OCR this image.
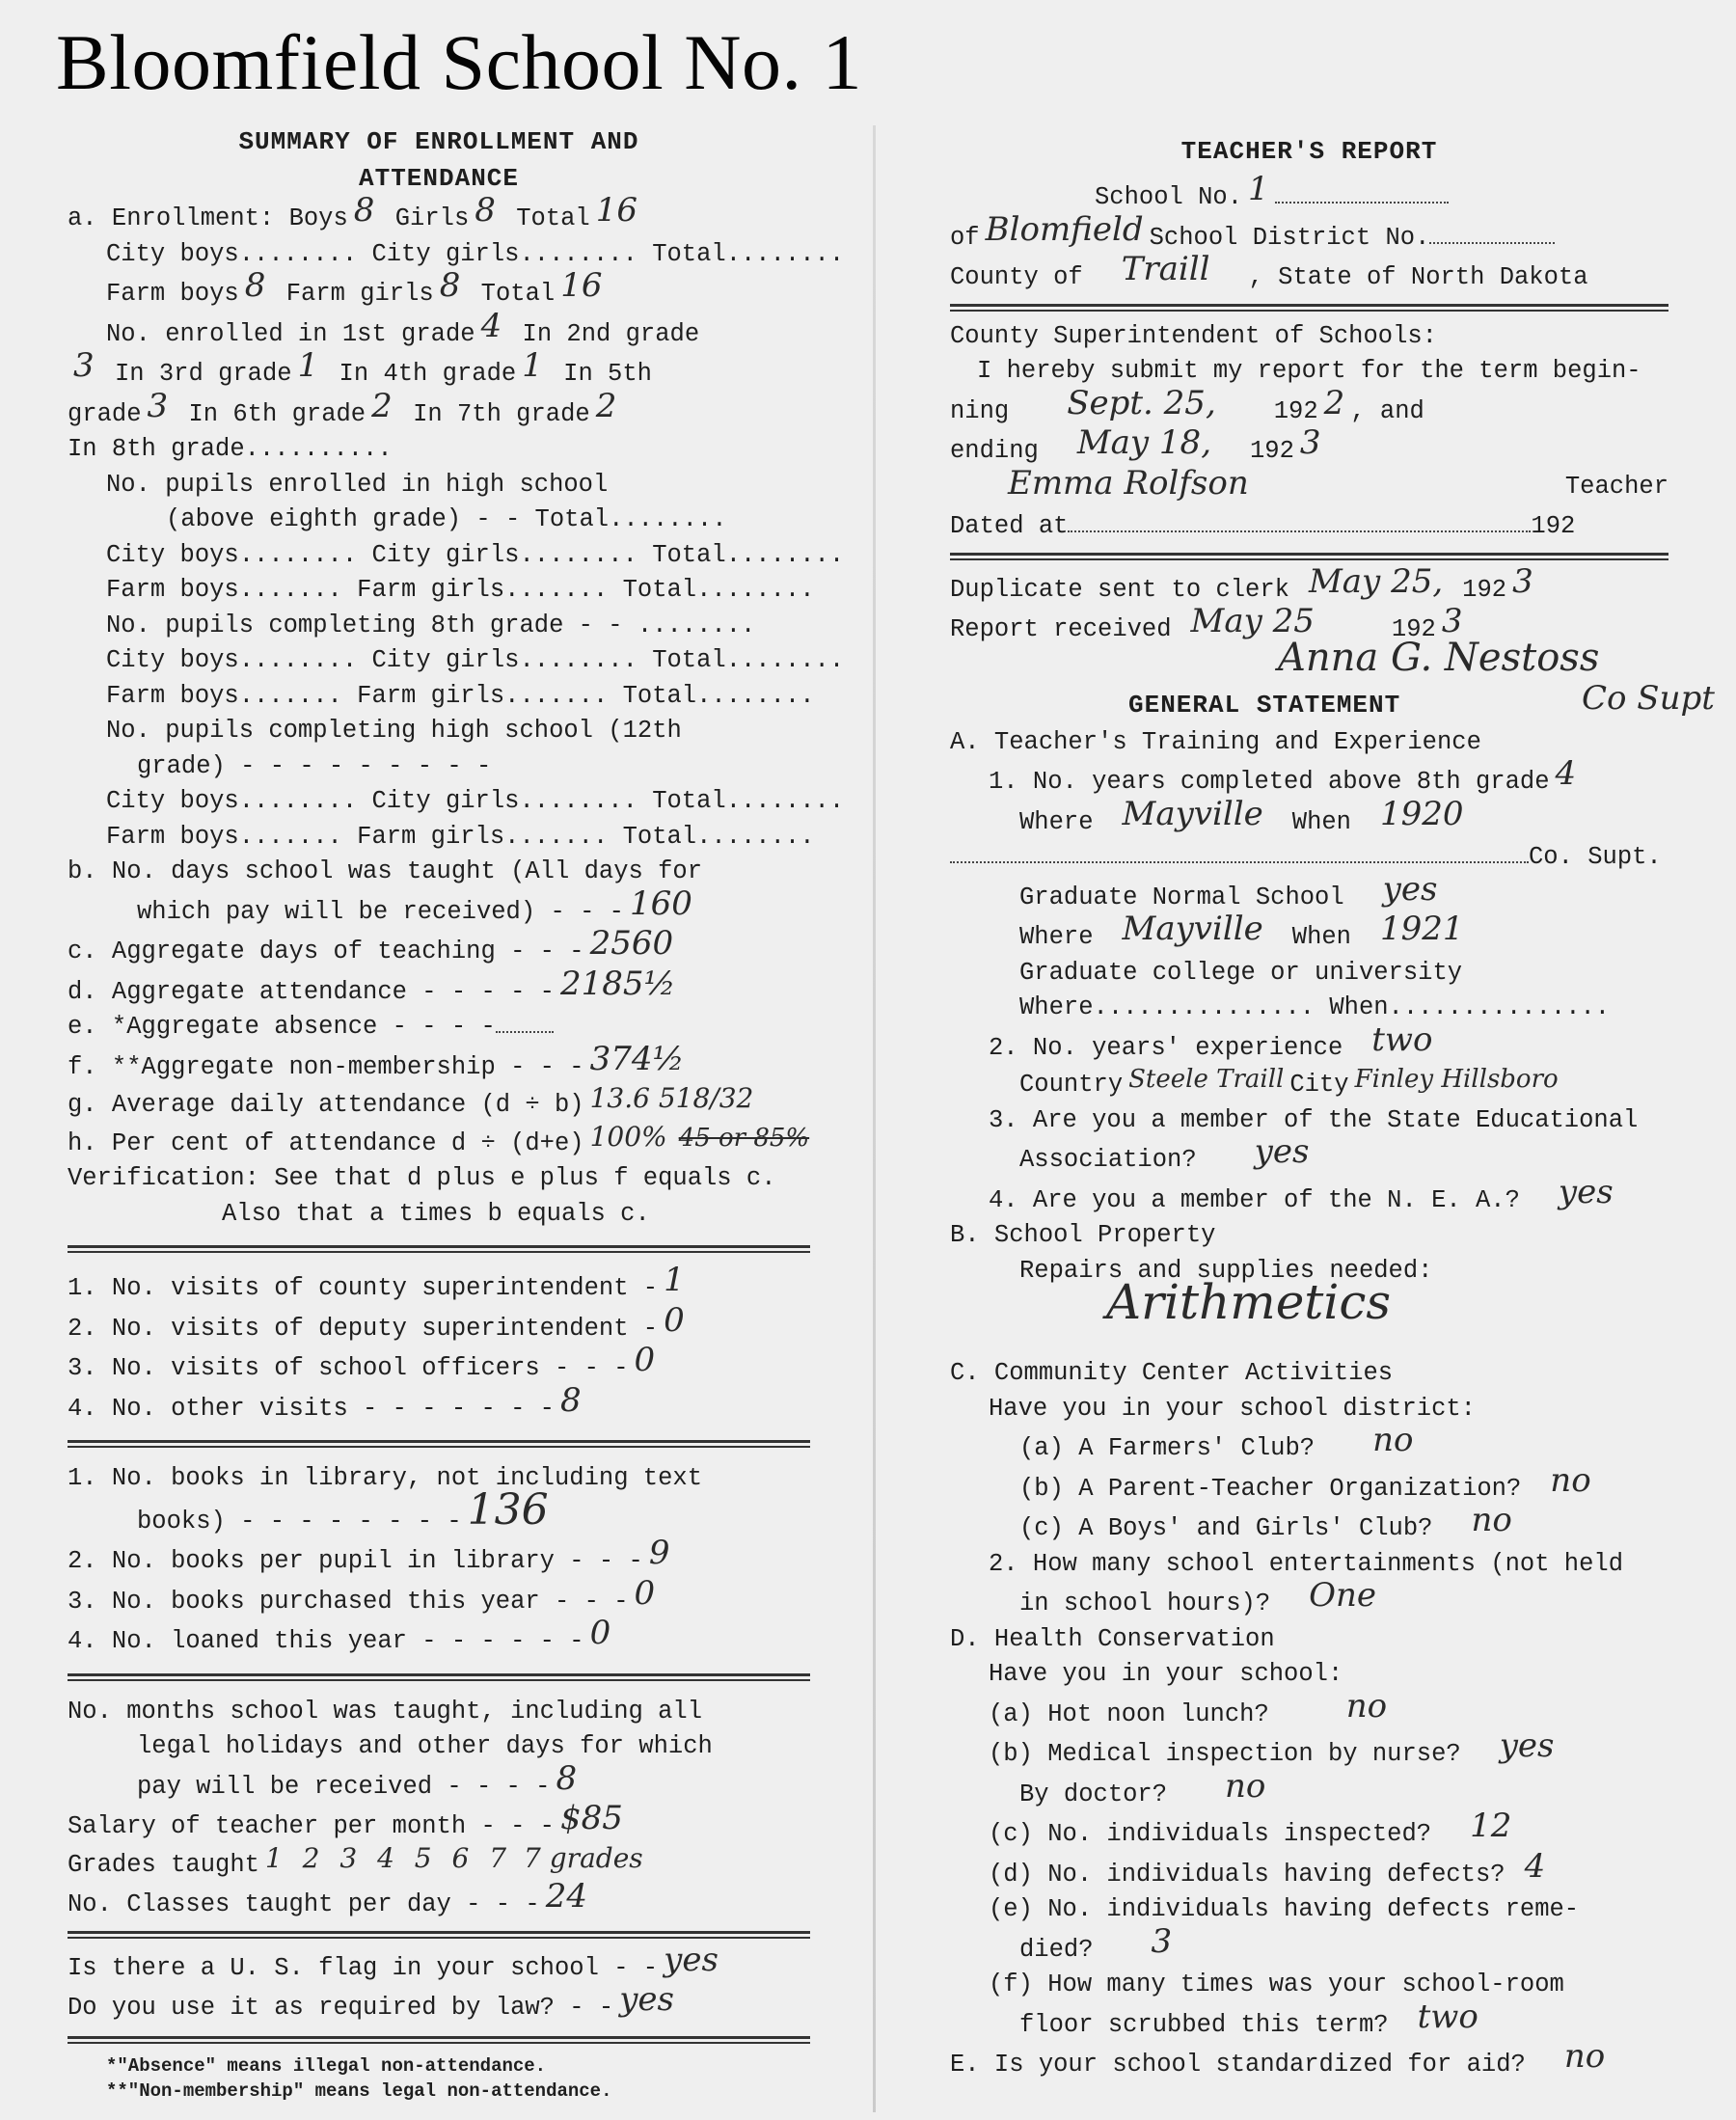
Bloomfield School No. 1
SUMMARY OF ENROLLMENT AND
ATTENDANCE
a. Enrollment: Boys 8 Girls 8 Total 16
City boys........ City girls........ Total........
Farm boys 8 Farm girls 8 Total 16
No. enrolled in 1st grade 4 In 2nd grade
3 In 3rd grade 1 In 4th grade 1 In 5th
grade 3 In 6th grade 2 In 7th grade 2
In 8th grade..........
No. pupils enrolled in high school
(above eighth grade) - - Total........
City boys........ City girls........ Total........
Farm boys....... Farm girls....... Total........
No. pupils completing 8th grade - - ........
City boys........ City girls........ Total........
Farm boys....... Farm girls....... Total........
No. pupils completing high school (12th
grade) - - - - - - - - -
City boys........ City girls........ Total........
Farm boys....... Farm girls....... Total........
b. No. days school was taught (All days for
which pay will be received) - - - 160
c. Aggregate days of teaching - - - 2560
d. Aggregate attendance - - - - - 2185½
e. *Aggregate absence - - - -
f. **Aggregate non-membership - - - 374½
g. Average daily attendance (d ÷ b) 13.6 518/32
h. Per cent of attendance d ÷ (d+e) 100% 45 or 85%
Verification: See that d plus e plus f equals c.
Also that a times b equals c.
1. No. visits of county superintendent - 1
2. No. visits of deputy superintendent - 0
3. No. visits of school officers - - - 0
4. No. other visits - - - - - - - 8
1. No. books in library, not including text
books) - - - - - - - - 136
2. No. books per pupil in library - - - 9
3. No. books purchased this year - - - 0
4. No. loaned this year - - - - - - 0
No. months school was taught, including all
legal holidays and other days for which
pay will be received - - - - 8
Salary of teacher per month - - - $85
Grades taught 1 2 3 4 5 6 7 7 grades
No. Classes taught per day - - - 24
Is there a U. S. flag in your school - - yes
Do you use it as required by law? - - yes
*"Absence" means illegal non-attendance.
**"Non-membership" means legal non-attendance.
TEACHER'S REPORT
School No. 1
of Blomfield School District No.
County of Traill , State of North Dakota
County Superintendent of Schools:
I hereby submit my report for the term begin-
ning Sept. 25, 192 2 , and
ending May 18, 192 3
Emma Rolfson	Teacher
Dated at	192
Duplicate sent to clerk May 25, 192 3
Report received May 25	192 3
Anna G. Nestoss
GENERAL STATEMENT	Co Supt
A. Teacher's Training and Experience
1. No. years completed above 8th grade 4
Where Mayville When 1920
Co. Supt.
Graduate Normal School yes
Where Mayville When 1921
Graduate college or university
Where............... When...............
2. No. years' experience two
Country Steele Traill City Finley Hillsboro
3. Are you a member of the State Educational
Association? yes
4. Are you a member of the N. E. A.? yes
B. School Property
Repairs and supplies needed:
Arithmetics
C. Community Center Activities
Have you in your school district:
(a) A Farmers' Club? no
(b) A Parent-Teacher Organization? no
(c) A Boys' and Girls' Club? no
2. How many school entertainments (not held
in school hours)? One
D. Health Conservation
Have you in your school:
(a) Hot noon lunch? no
(b) Medical inspection by nurse? yes
By doctor? no
(c) No. individuals inspected? 12
(d) No. individuals having defects? 4
(e) No. individuals having defects reme-
died? 3
(f) How many times was your school-room
floor scrubbed this term? two
E. Is your school standardized for aid? no
